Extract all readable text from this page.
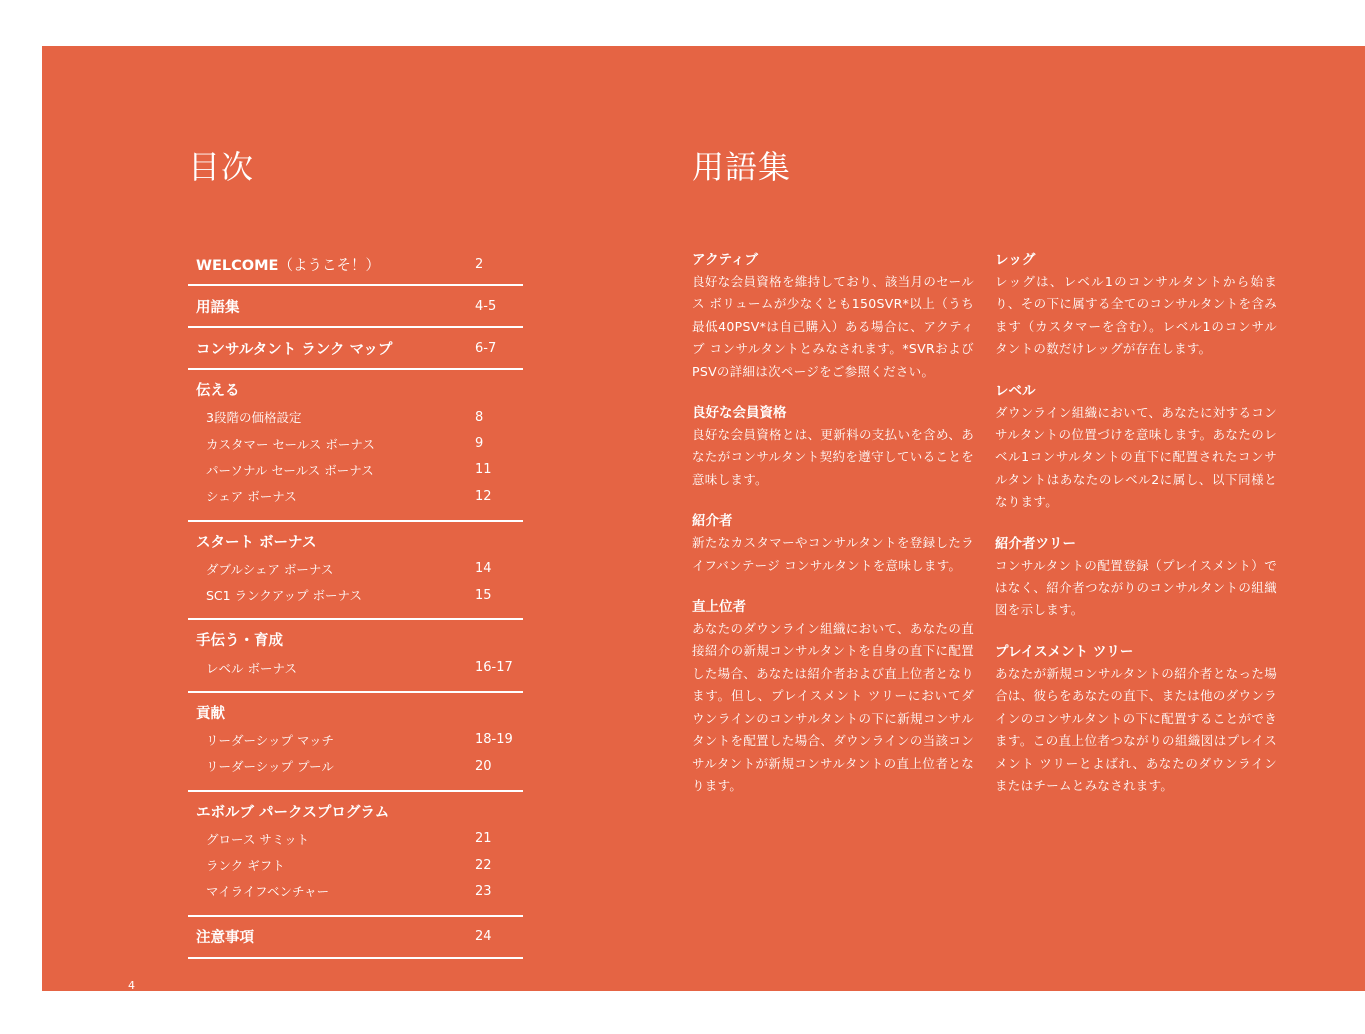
目次
WELCOME（ようこそ！）	2
用語集	4-5
コンサルタント ランク マップ	6-7
伝える
3段階の価格設定	8
カスタマー セールス ボーナス	9
パーソナル セールス ボーナス	11
シェア ボーナス	12
スタート ボーナス
ダブルシェア ボーナス	14
SC1 ランクアップ ボーナス	15
手伝う・育成
レベル ボーナス	16-17
貢献
リーダーシップ マッチ	18-19
リーダーシップ プール	20
エボルブ パークスプログラム
グロース サミット	21
ランク ギフト	22
マイライフベンチャー	23
注意事項	24
用語集
アクティブ

良好な会員資格を維持しており、該当月のセールス ボリュームが少なくとも150SVR*以上（うち最低40PSV*は自己購入）ある場合に、アクティブ コンサルタントとみなされます。*SVRおよびPSVの詳細は次ページをご参照ください。

良好な会員資格

良好な会員資格とは、更新料の支払いを含め、あなたがコンサルタント契約を遵守していることを意味します。

紹介者

新たなカスタマーやコンサルタントを登録したライフバンテージ コンサルタントを意味します。

直上位者

あなたのダウンライン組織において、あなたの直接紹介の新規コンサルタントを自身の直下に配置した場合、あなたは紹介者および直上位者となります。但し、プレイスメント ツリーにおいてダウンラインのコンサルタントの下に新規コンサルタントを配置した場合、ダウンラインの当該コンサルタントが新規コンサルタントの直上位者となります。

レッグ

レッグは、レベル1のコンサルタントから始まり、その下に属する全てのコンサルタントを含みます（カスタマーを含む）。レベル1のコンサルタントの数だけレッグが存在します。

レベル

ダウンライン組織において、あなたに対するコンサルタントの位置づけを意味します。あなたのレベル1コンサルタントの直下に配置されたコンサルタントはあなたのレベル2に属し、以下同様となります。

紹介者ツリー

コンサルタントの配置登録（プレイスメント）ではなく、紹介者つながりのコンサルタントの組織図を示します。

プレイスメント ツリー

あなたが新規コンサルタントの紹介者となった場合は、彼らをあなたの直下、または他のダウンラインのコンサルタントの下に配置することができます。この直上位者つながりの組織図はプレイスメント ツリーとよばれ、あなたのダウンラインまたはチームとみなされます。

4
